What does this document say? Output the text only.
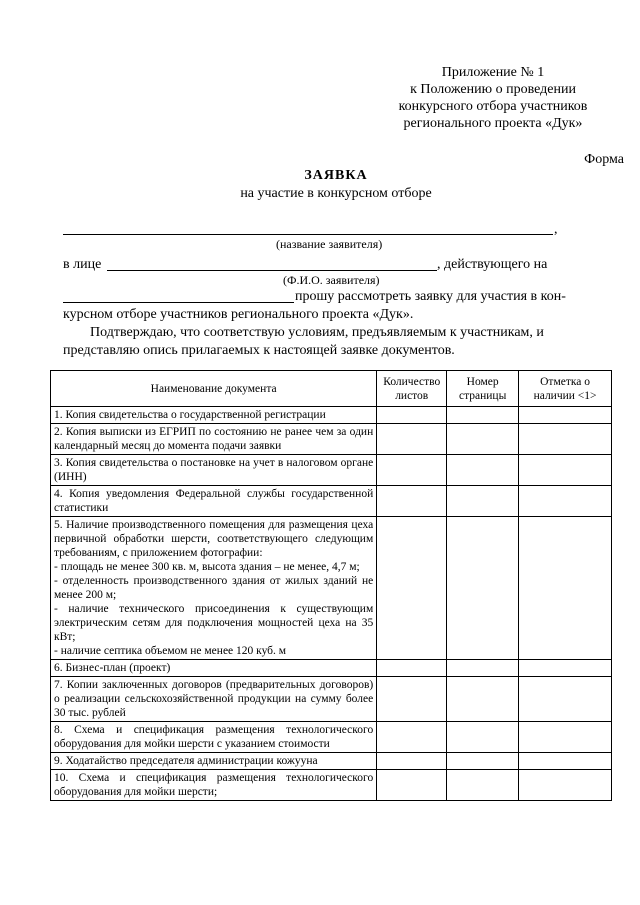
Приложение № 1
к Положению о проведении
конкурсного отбора участников
регионального проекта «Дук»
Форма
ЗАЯВКА
на участие в конкурсном отборе
,
(название заявителя)
в лице	, действующего на
(Ф.И.О. заявителя)
прошу рассмотреть заявку для участия в кон-
курсном отборе участников регионального проекта «Дук».
Подтверждаю, что соответствую условиям, предъявляемым к участникам, и
представляю опись прилагаемых к настоящей заявке документов.
Наименование документа	Количество листов	Номер страницы	Отметка о наличии <1>
1. Копия свидетельства о государственной регистрации			
2. Копия выписки из ЕГРИП по состоянию не ранее чем за один календарный месяц до момента подачи заявки			
3. Копия свидетельства о постановке на учет в налоговом органе (ИНН)			
4. Копия уведомления Федеральной службы государственной статистики			
5. Наличие производственного помещения для размещения цеха первичной обработки шерсти, соответствующего следующим требованиям, с приложением фотографии:
- площадь не менее 300 кв. м, высота здания – не менее, 4,7 м;
- отделенность производственного здания от жилых зданий не менее 200 м;
- наличие технического присоединения к существующим электрическим сетям для подключения мощностей цеха на 35 кВт;
- наличие септика объемом не менее 120 куб. м			
6. Бизнес-план (проект)			
7. Копии заключенных договоров (предварительных договоров) о реализации сельскохозяйственной продукции на сумму более 30 тыс. рублей			
8. Схема и спецификация размещения технологического оборудования для мойки шерсти с указанием стоимости			
9. Ходатайство председателя администрации кожууна			
10. Схема и спецификация размещения технологического оборудования для мойки шерсти;			
